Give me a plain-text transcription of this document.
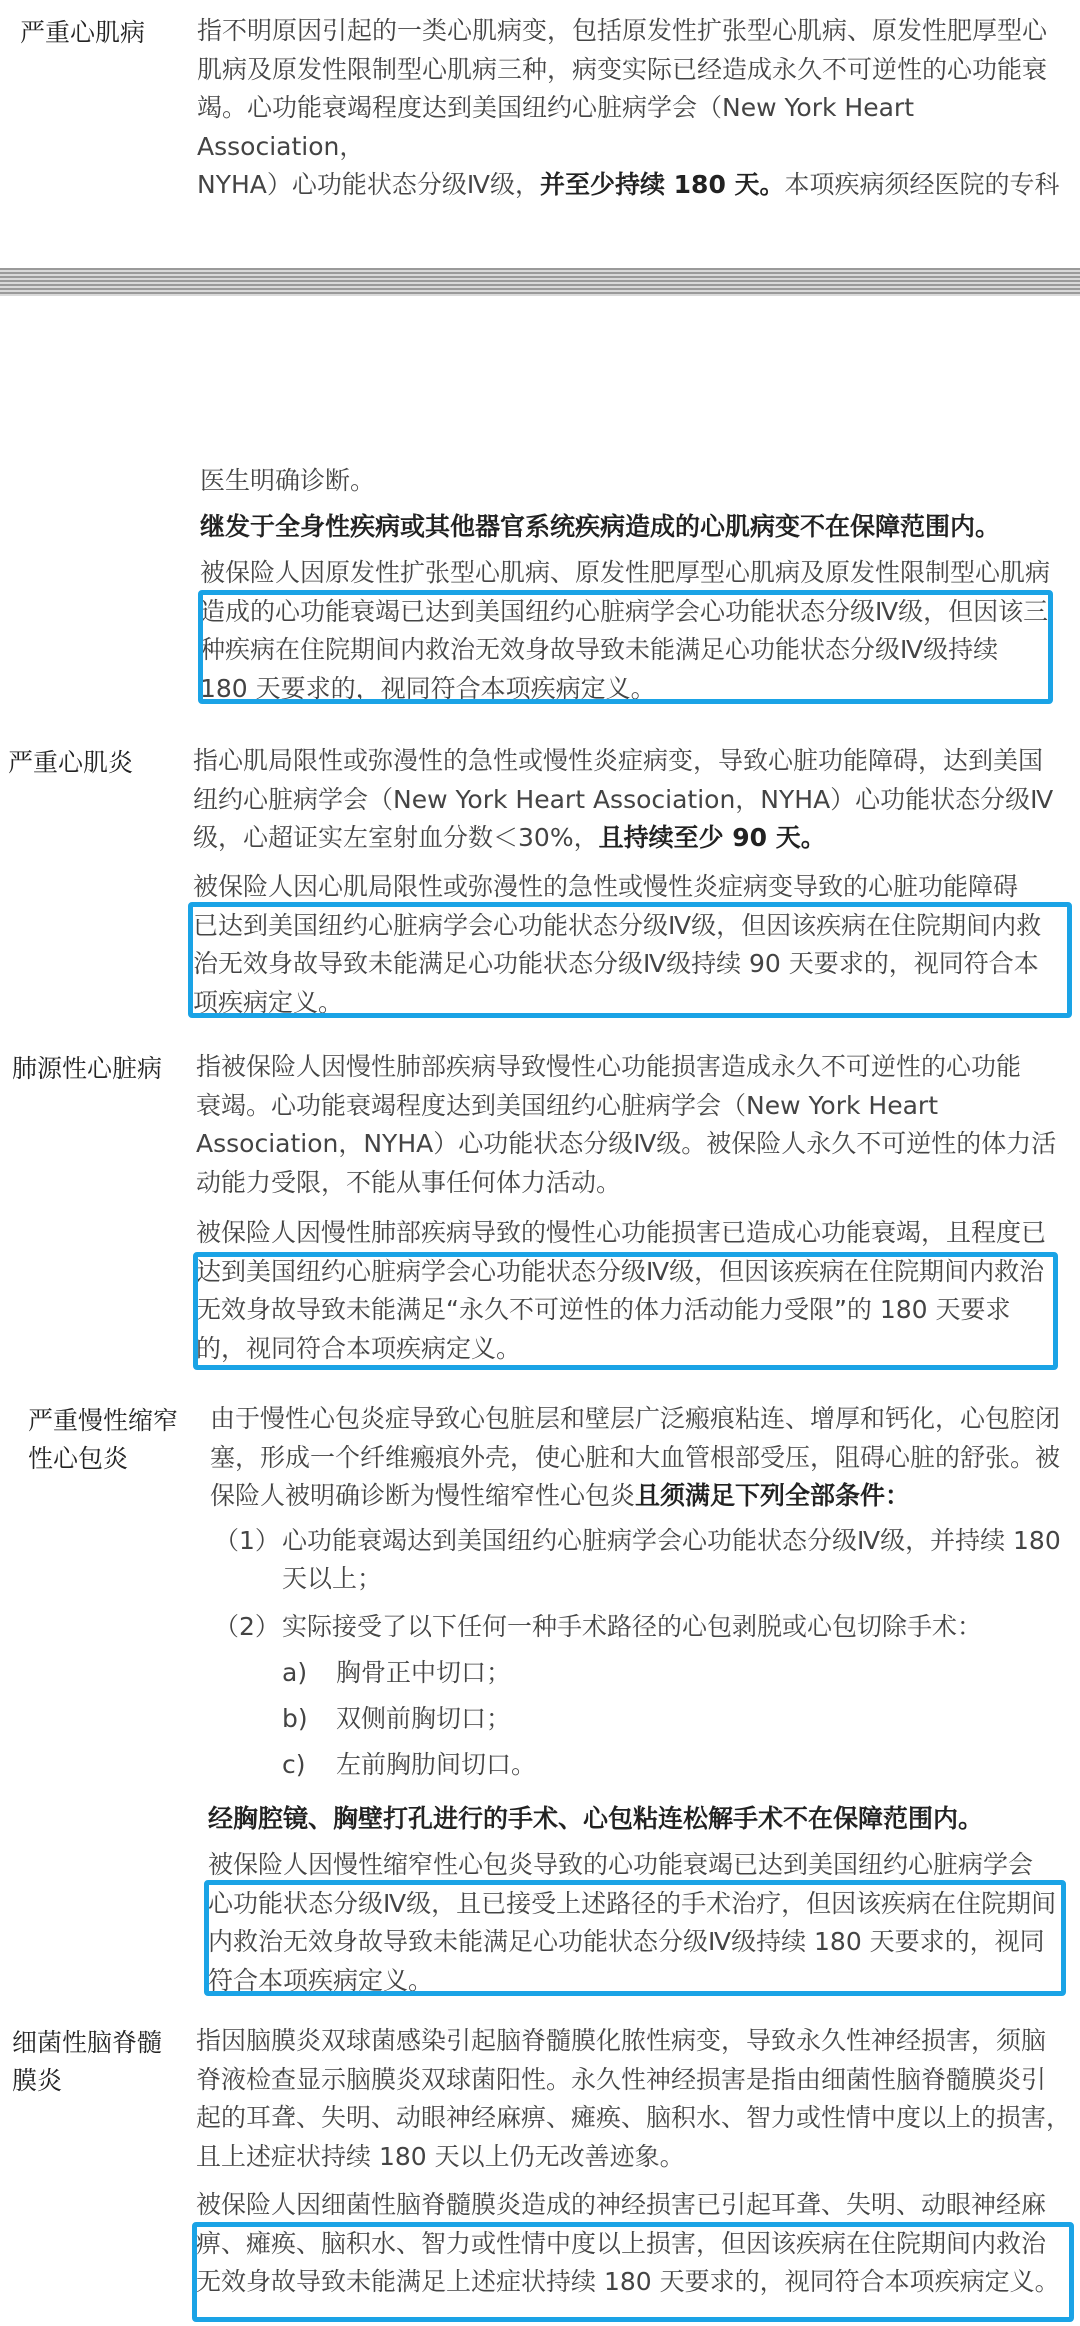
严重心肌病 指不明原因引起的一类心肌病变，包括原发性扩张型心肌病、原发性肥厚型心
肌病及原发性限制型心肌病三种，病变实际已经造成永久不可逆性的心功能衰
竭。心功能衰竭程度达到美国纽约心脏病学会（New York Heart Association，
NYHA）心功能状态分级Ⅳ级，并至少持续 180 天。本项疾病须经医院的专科
医生明确诊断。
继发于全身性疾病或其他器官系统疾病造成的心肌病变不在保障范围内。
被保险人因原发性扩张型心肌病、原发性肥厚型心肌病及原发性限制型心肌病
造成的心功能衰竭已达到美国纽约心脏病学会心功能状态分级Ⅳ级，但因该三
种疾病在住院期间内救治无效身故导致未能满足心功能状态分级Ⅳ级持续
180 天要求的，视同符合本项疾病定义。
严重心肌炎 指心肌局限性或弥漫性的急性或慢性炎症病变，导致心脏功能障碍，达到美国
纽约心脏病学会（New York Heart Association，NYHA）心功能状态分级Ⅳ
级，心超证实左室射血分数＜30%，且持续至少 90 天。
被保险人因心肌局限性或弥漫性的急性或慢性炎症病变导致的心脏功能障碍
已达到美国纽约心脏病学会心功能状态分级Ⅳ级，但因该疾病在住院期间内救
治无效身故导致未能满足心功能状态分级Ⅳ级持续 90 天要求的，视同符合本
项疾病定义。
肺源性心脏病 指被保险人因慢性肺部疾病导致慢性心功能损害造成永久不可逆性的心功能
衰竭。心功能衰竭程度达到美国纽约心脏病学会（New York Heart
Association，NYHA）心功能状态分级Ⅳ级。被保险人永久不可逆性的体力活
动能力受限，不能从事任何体力活动。
被保险人因慢性肺部疾病导致的慢性心功能损害已造成心功能衰竭，且程度已
达到美国纽约心脏病学会心功能状态分级Ⅳ级，但因该疾病在住院期间内救治
无效身故导致未能满足“永久不可逆性的体力活动能力受限”的 180 天要求
的，视同符合本项疾病定义。
严重慢性缩窄
性心包炎
由于慢性心包炎症导致心包脏层和壁层广泛瘢痕粘连、增厚和钙化，心包腔闭
塞，形成一个纤维瘢痕外壳，使心脏和大血管根部受压，阻碍心脏的舒张。被
保险人被明确诊断为慢性缩窄性心包炎且须满足下列全部条件：
（1） 心功能衰竭达到美国纽约心脏病学会心功能状态分级Ⅳ级，并持续 180
天以上；
（2） 实际接受了以下任何一种手术路径的心包剥脱或心包切除手术：
a) 胸骨正中切口；
b) 双侧前胸切口；
c) 左前胸肋间切口。
经胸腔镜、胸壁打孔进行的手术、心包粘连松解手术不在保障范围内。
被保险人因慢性缩窄性心包炎导致的心功能衰竭已达到美国纽约心脏病学会
心功能状态分级Ⅳ级，且已接受上述路径的手术治疗，但因该疾病在住院期间
内救治无效身故导致未能满足心功能状态分级Ⅳ级持续 180 天要求的，视同
符合本项疾病定义。
细菌性脑脊髓
膜炎
指因脑膜炎双球菌感染引起脑脊髓膜化脓性病变，导致永久性神经损害，须脑
脊液检查显示脑膜炎双球菌阳性。永久性神经损害是指由细菌性脑脊髓膜炎引
起的耳聋、失明、动眼神经麻痹、瘫痪、脑积水、智力或性情中度以上的损害，
且上述症状持续 180 天以上仍无改善迹象。
被保险人因细菌性脑脊髓膜炎造成的神经损害已引起耳聋、失明、动眼神经麻
痹、瘫痪、脑积水、智力或性情中度以上损害，但因该疾病在住院期间内救治
无效身故导致未能满足上述症状持续 180 天要求的，视同符合本项疾病定义。
